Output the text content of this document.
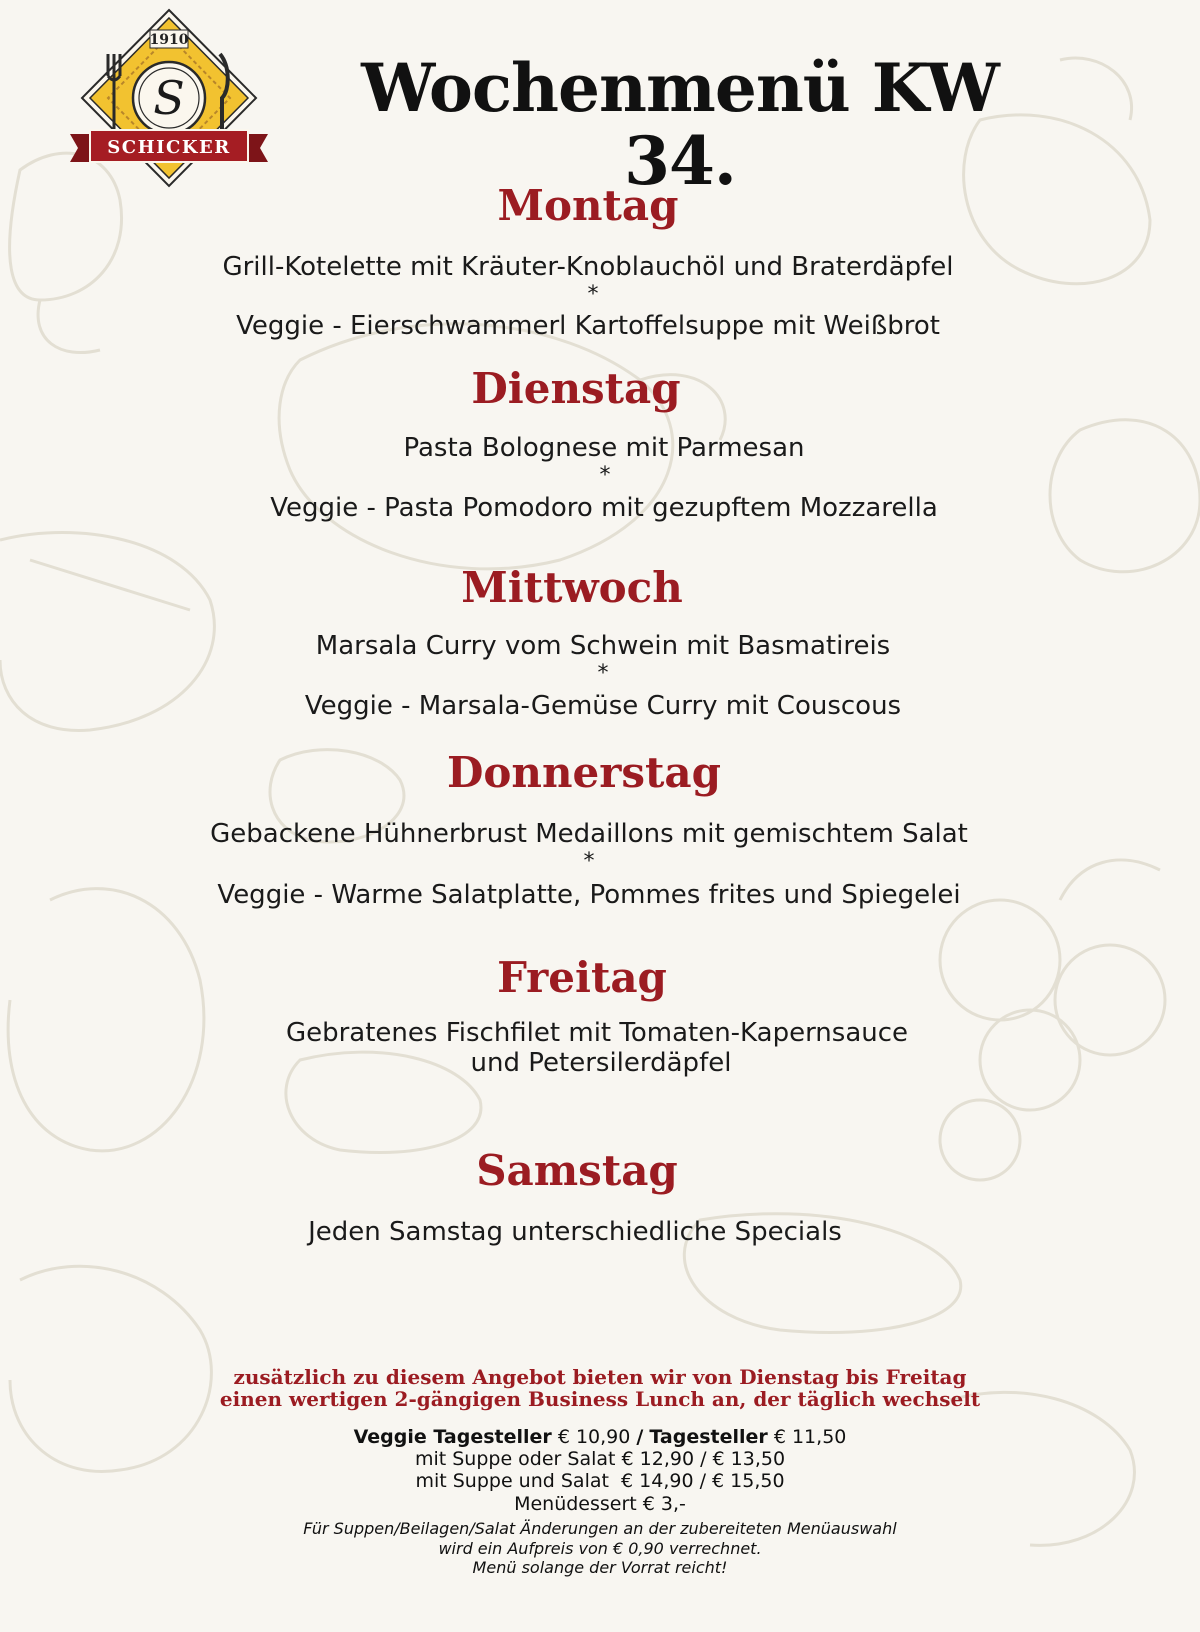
1910
S
SCHICKER
Wochenmenü KW 34.
Montag

Grill-Kotelette mit Kräuter-Knoblauchöl und Braterdäpfel

*

Veggie - Eierschwammerl Kartoffelsuppe mit Weißbrot

Dienstag

Pasta Bolognese mit Parmesan

*

Veggie - Pasta Pomodoro mit gezupftem Mozzarella

Mittwoch

Marsala Curry vom Schwein mit Basmatireis

*

Veggie - Marsala-Gemüse Curry mit Couscous

Donnerstag

Gebackene Hühnerbrust Medaillons mit gemischtem Salat

*

Veggie - Warme Salatplatte, Pommes frites und Spiegelei

Freitag

Gebratenes Fischfilet mit Tomaten-Kapernsauce

und Petersilerdäpfel

Samstag

Jeden Samstag unterschiedliche Specials

zusätzlich zu diesem Angebot bieten wir von Dienstag bis Freitag
einen wertigen 2-gängigen Business Lunch an, der täglich wechselt
Veggie Tagesteller € 10,90 / Tagesteller € 11,50
mit Suppe oder Salat € 12,90 / € 13,50
mit Suppe und Salat  € 14,90 / € 15,50
Menüdessert € 3,-
Für Suppen/Beilagen/Salat Änderungen an der zubereiteten Menüauswahl
wird ein Aufpreis von € 0,90 verrechnet.
Menü solange der Vorrat reicht!
